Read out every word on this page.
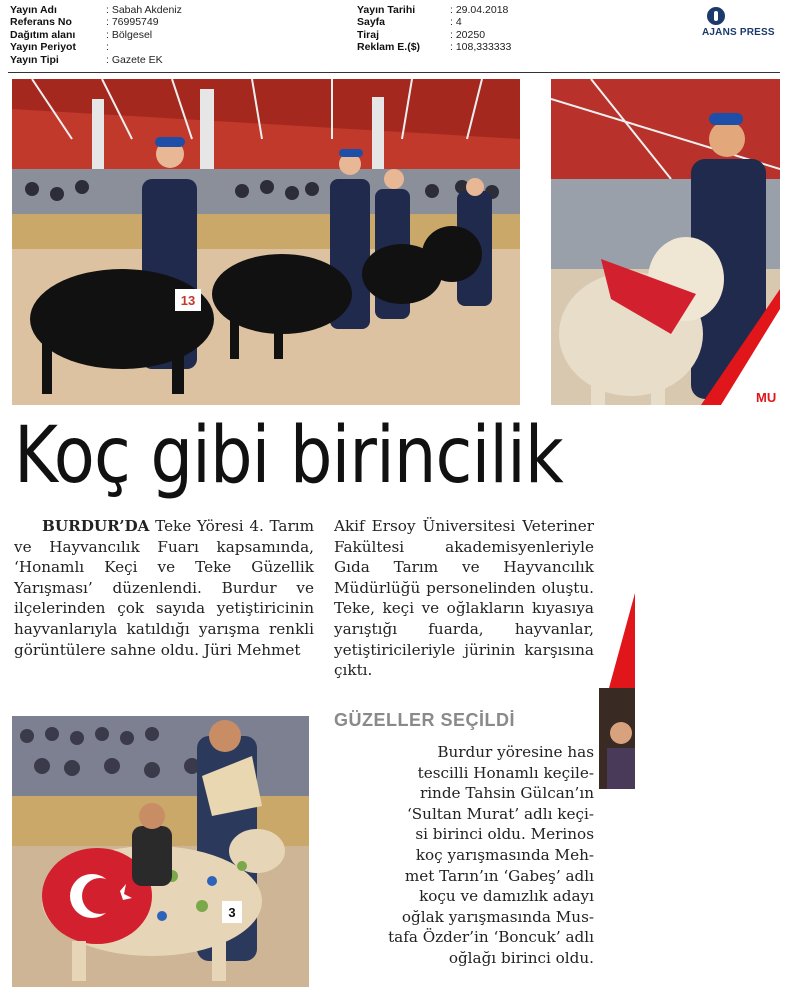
Yayın Adı	: Sabah Akdeniz
Referans No	: 76995749
Dağıtım alanı	: Bölgesel
Yayın Periyot	:
Yayın Tipi	: Gazete EK
Yayın Tarihi	: 29.04.2018
Sayfa	: 4
Tiraj	: 20250
Reklam E.($)	: 108,333333
AJANS PRESS
13
MU
Koç gibi birincilik

BURDUR’DA Teke Yöresi 4. Tarım ve Hayvancılık Fuarı kapsamında, ‘Honamlı Keçi ve Teke Güzellik Yarışması’ düzenlendi. Burdur ve ilçelerinden çok sayıda yetiştiricinin hayvanlarıyla katıldığı yarışma renkli görüntülere sahne oldu. Jüri Mehmet

Akif Ersoy Üniversitesi Veteriner Fakültesi akademisyenleriyle Gıda Tarım ve Hayvancılık Müdürlüğü personelinden oluştu. Teke, keçi ve oğlakların kıyasıya yarıştığı fuarda, hayvanlar, yetiştiricileriyle jürinin karşısına çıktı.

GÜZELLER SEÇİLDİ
Burdur yöresine has
tescilli Honamlı keçile-
rinde Tahsin Gülcan’ın
‘Sultan Murat’ adlı keçi-
si birinci oldu. Merinos
koç yarışmasında Meh-
met Tarın’ın ‘Gabeş’ adlı
koçu ve damızlık adayı
oğlak yarışmasında Mus-
tafa Özder’in ‘Boncuk’ adlı
oğlağı birinci oldu.
3
